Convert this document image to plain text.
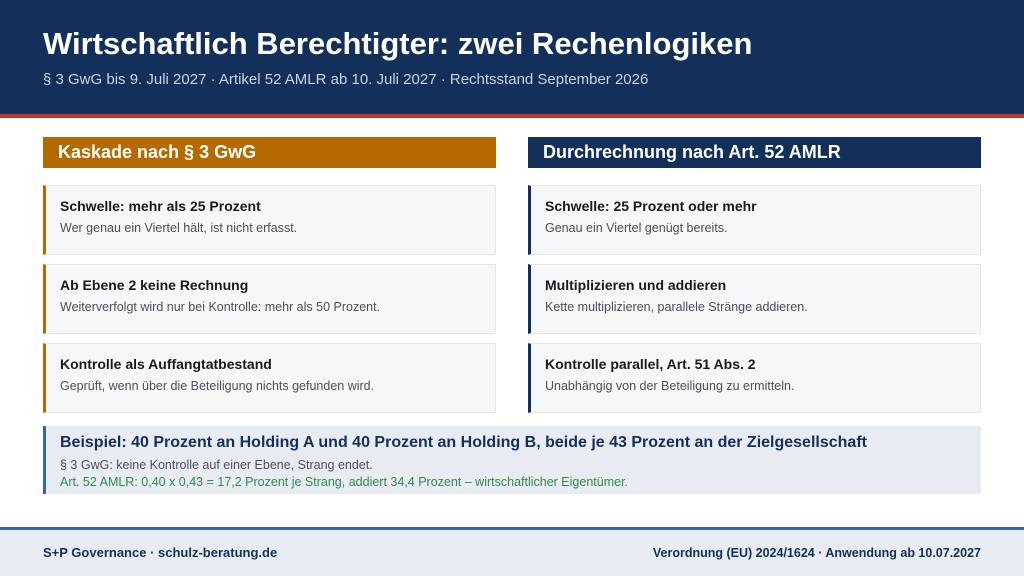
Wirtschaftlich Berechtigter: zwei Rechenlogiken
§ 3 GwG bis 9. Juli 2027 · Artikel 52 AMLR ab 10. Juli 2027 · Rechtsstand September 2026
Kaskade nach § 3 GwG	Durchrechnung nach Art. 52 AMLR
Schwelle: mehr als 25 Prozent
Wer genau ein Viertel hält, ist nicht erfasst.
Ab Ebene 2 keine Rechnung
Weiterverfolgt wird nur bei Kontrolle: mehr als 50 Prozent.
Kontrolle als Auffangtatbestand
Geprüft, wenn über die Beteiligung nichts gefunden wird.
Schwelle: 25 Prozent oder mehr
Genau ein Viertel genügt bereits.
Multiplizieren und addieren
Kette multiplizieren, parallele Stränge addieren.
Kontrolle parallel, Art. 51 Abs. 2
Unabhängig von der Beteiligung zu ermitteln.
Beispiel: 40 Prozent an Holding A und 40 Prozent an Holding B, beide je 43 Prozent an der Zielgesellschaft
§ 3 GwG: keine Kontrolle auf einer Ebene, Strang endet.
Art. 52 AMLR: 0,40 x 0,43 = 17,2 Prozent je Strang, addiert 34,4 Prozent – wirtschaftlicher Eigentümer.
S+P Governance · schulz-beratung.de	Verordnung (EU) 2024/1624 · Anwendung ab 10.07.2027
